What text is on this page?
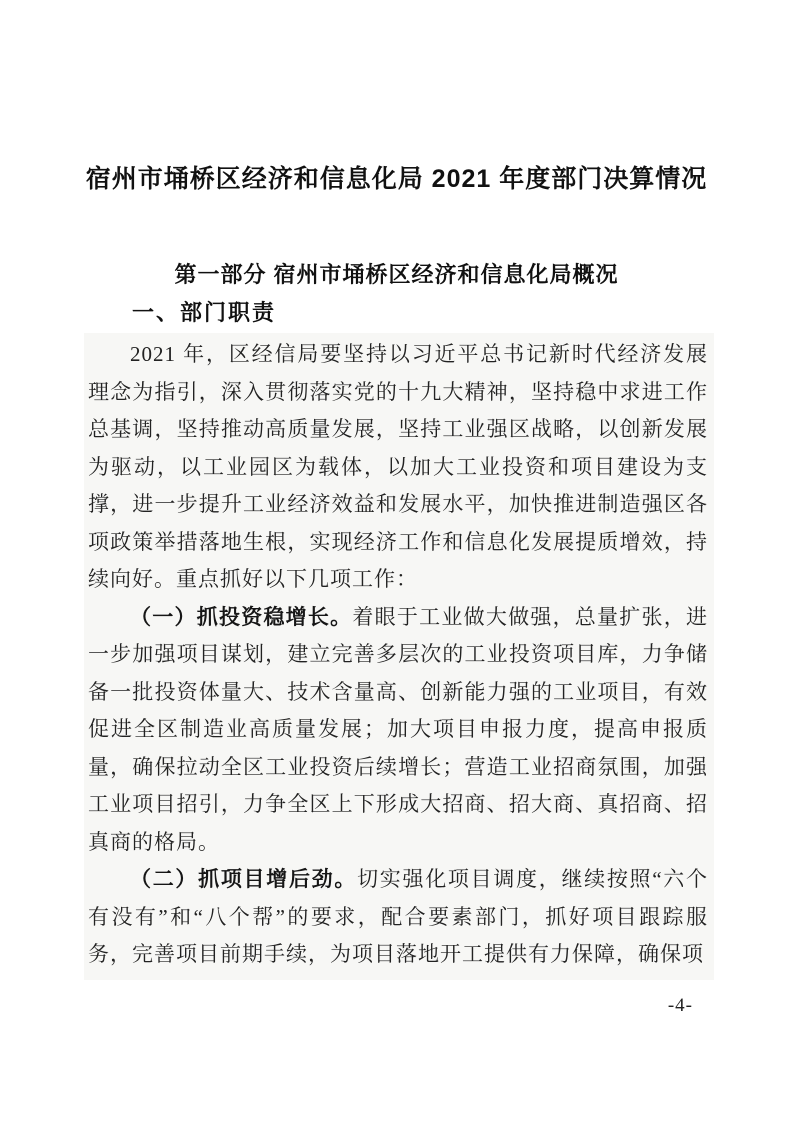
宿州市埇桥区经济和信息化局 2021 年度部门决算情况
第一部分 宿州市埇桥区经济和信息化局概况
一、部门职责

2021 年，区经信局要坚持以习近平总书记新时代经济发展理念为指引，深入贯彻落实党的十九大精神，坚持稳中求进工作总基调，坚持推动高质量发展，坚持工业强区战略，以创新发展为驱动，以工业园区为载体，以加大工业投资和项目建设为支撑，进一步提升工业经济效益和发展水平，加快推进制造强区各项政策举措落地生根，实现经济工作和信息化发展提质增效，持续向好。重点抓好以下几项工作：

（一）抓投资稳增长。着眼于工业做大做强，总量扩张，进一步加强项目谋划，建立完善多层次的工业投资项目库，力争储备一批投资体量大、技术含量高、创新能力强的工业项目，有效促进全区制造业高质量发展；加大项目申报力度，提高申报质量，确保拉动全区工业投资后续增长；营造工业招商氛围，加强工业项目招引，力争全区上下形成大招商、招大商、真招商、招真商的格局。

（二）抓项目增后劲。切实强化项目调度，继续按照“六个有没有”和“八个帮”的要求，配合要素部门，抓好项目跟踪服务，完善项目前期手续，为项目落地开工提供有力保障，确保项

-4-
